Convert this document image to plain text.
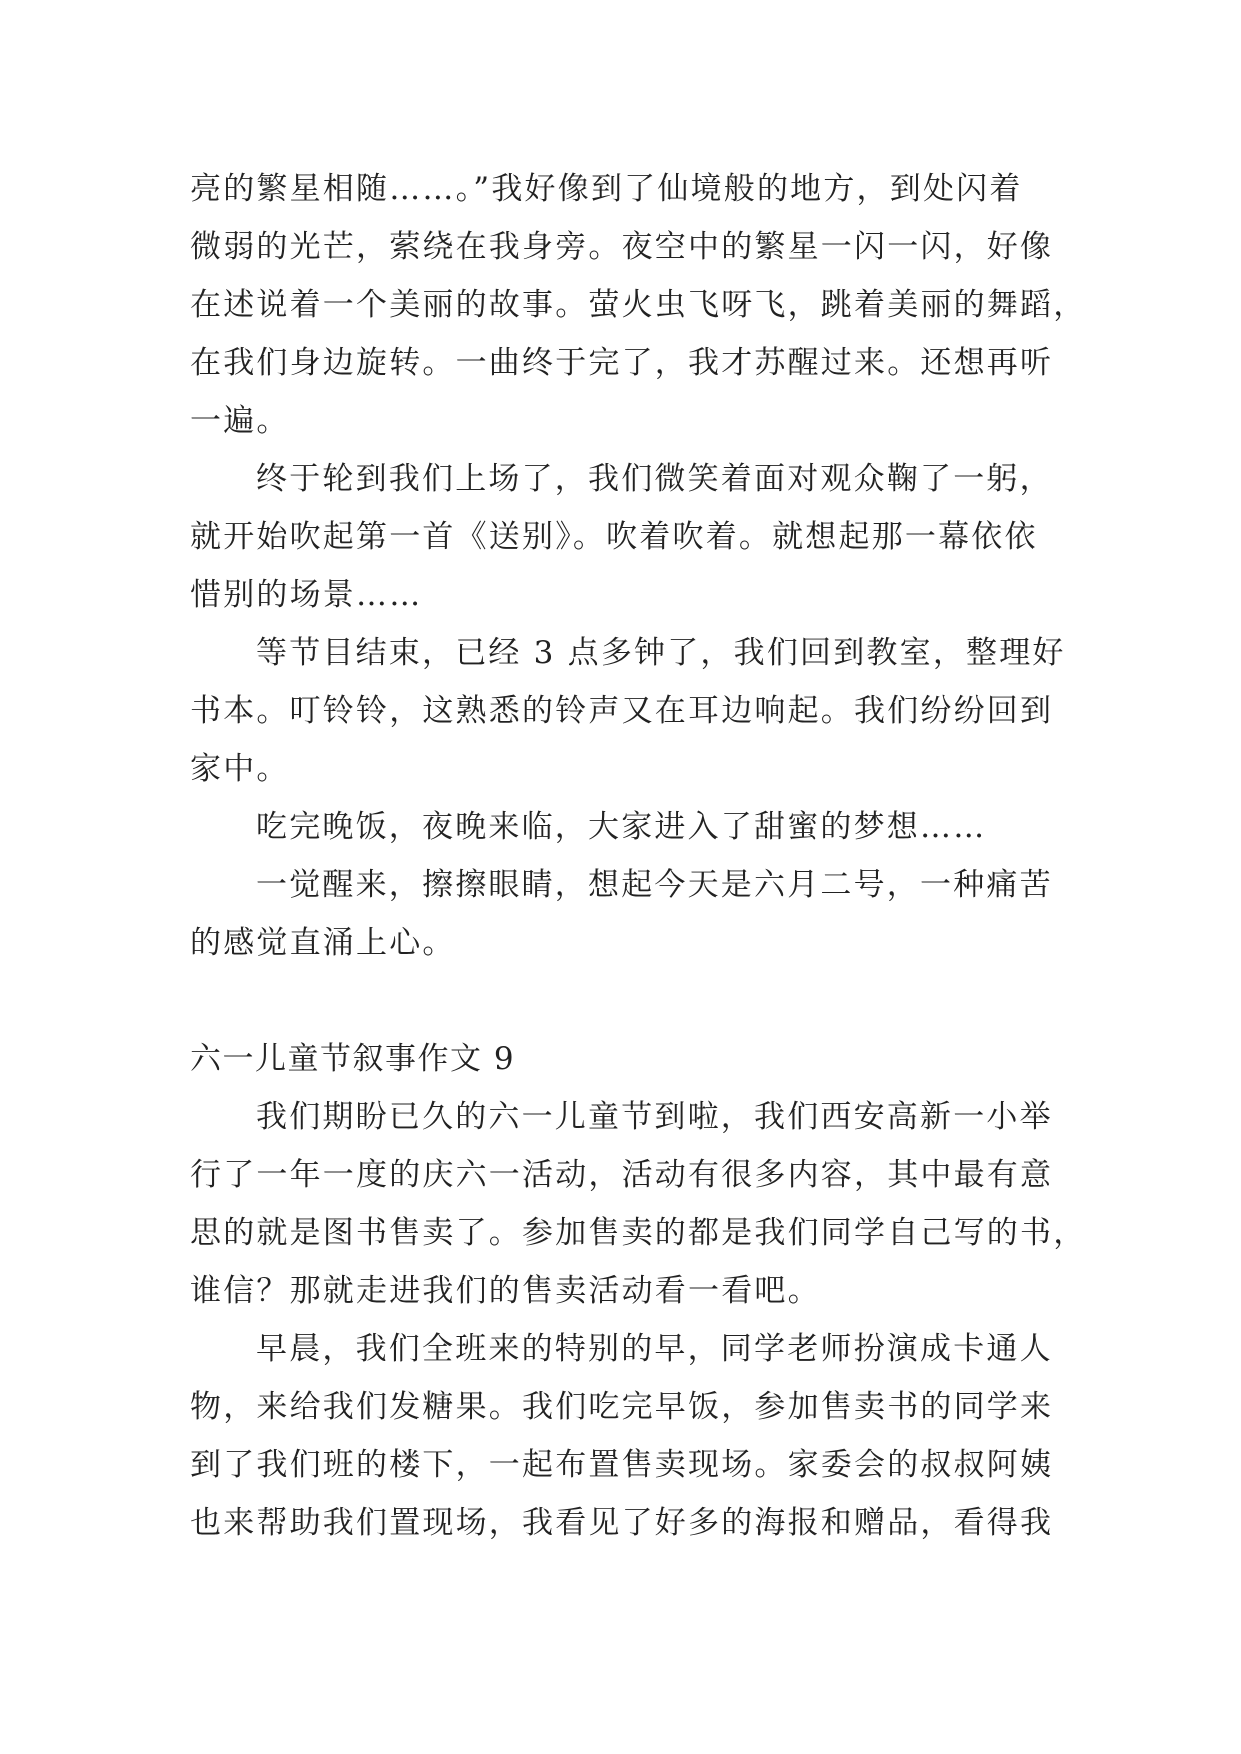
亮的繁星相随……。”我好像到了仙境般的地方，到处闪着
微弱的光芒，萦绕在我身旁。夜空中的繁星一闪一闪，好像
在述说着一个美丽的故事。萤火虫飞呀飞，跳着美丽的舞蹈，
在我们身边旋转。一曲终于完了，我才苏醒过来。还想再听
一遍。
终于轮到我们上场了，我们微笑着面对观众鞠了一躬，
就开始吹起第一首《送别》。吹着吹着。就想起那一幕依依
惜别的场景……
等节目结束，已经 3 点多钟了，我们回到教室，整理好
书本。叮铃铃，这熟悉的铃声又在耳边响起。我们纷纷回到
家中。
吃完晚饭，夜晚来临，大家进入了甜蜜的梦想……
一觉醒来，擦擦眼睛，想起今天是六月二号，一种痛苦
的感觉直涌上心。
六一儿童节叙事作文 9
我们期盼已久的六一儿童节到啦，我们西安高新一小举
行了一年一度的庆六一活动，活动有很多内容，其中最有意
思的就是图书售卖了。参加售卖的都是我们同学自己写的书，
谁信？那就走进我们的售卖活动看一看吧。
早晨，我们全班来的特别的早，同学老师扮演成卡通人
物，来给我们发糖果。我们吃完早饭，参加售卖书的同学来
到了我们班的楼下，一起布置售卖现场。家委会的叔叔阿姨
也来帮助我们置现场，我看见了好多的海报和赠品，看得我
